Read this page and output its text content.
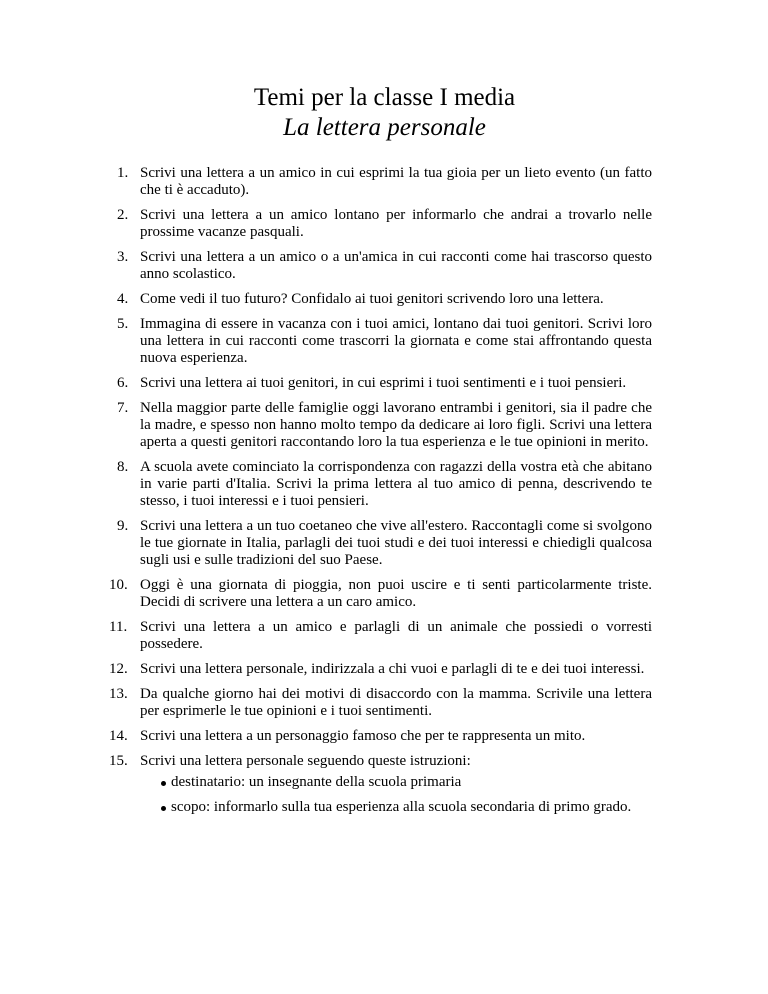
Temi per la classe I media
La lettera personale
1. Scrivi una lettera a un amico in cui esprimi la tua gioia per un lieto evento (un fatto che ti è accaduto).
2. Scrivi una lettera a un amico lontano per informarlo che andrai a trovarlo nelle prossime vacanze pasquali.
3. Scrivi una lettera a un amico o a un'amica in cui racconti come hai trascorso questo anno scolastico.
4. Come vedi il tuo futuro? Confidalo ai tuoi genitori scrivendo loro una lettera.
5. Immagina di essere in vacanza con i tuoi amici, lontano dai tuoi genitori. Scrivi loro una lettera in cui racconti come trascorri la giornata e come stai affrontando questa nuova esperienza.
6. Scrivi una lettera ai tuoi genitori, in cui esprimi i tuoi sentimenti e i tuoi pensieri.
7. Nella maggior parte delle famiglie oggi lavorano entrambi i genitori, sia il padre che la madre, e spesso non hanno molto tempo da dedicare ai loro figli. Scrivi una lettera aperta a questi genitori raccontando loro la tua esperienza e le tue opinioni in merito.
8. A scuola avete cominciato la corrispondenza con ragazzi della vostra età che abitano in varie parti d'Italia. Scrivi la prima lettera al tuo amico di penna, descrivendo te stesso, i tuoi interessi e i tuoi pensieri.
9. Scrivi una lettera a un tuo coetaneo che vive all'estero. Raccontagli come si svolgono le tue giornate in Italia, parlagli dei tuoi studi e dei tuoi interessi e chiedigli qualcosa sugli usi e sulle tradizioni del suo Paese.
10. Oggi è una giornata di pioggia, non puoi uscire e ti senti particolarmente triste. Decidi di scrivere una lettera a un caro amico.
11. Scrivi una lettera a un amico e parlagli di un animale che possiedi o vorresti possedere.
12. Scrivi una lettera personale, indirizzala a chi vuoi e parlagli di te e dei tuoi interessi.
13. Da qualche giorno hai dei motivi di disaccordo con la mamma. Scrivile una lettera per esprimerle le tue opinioni e i tuoi sentimenti.
14. Scrivi una lettera a un personaggio famoso che per te rappresenta un mito.
15. Scrivi una lettera personale seguendo queste istruzioni:
destinatario: un insegnante della scuola primaria
scopo: informarlo sulla tua esperienza alla scuola secondaria di primo grado.
